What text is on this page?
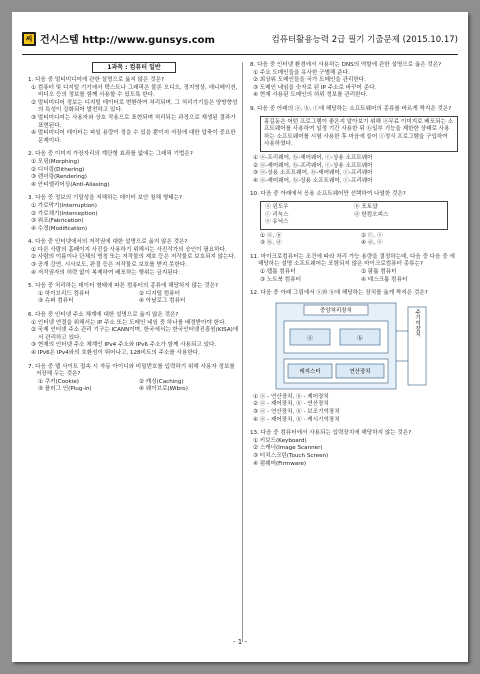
씨 건시스템 http://www.gunsys.com	컴퓨터활용능력 2급 필기 기출문제 (2015.10.17)
1과목 : 컴퓨터 일반
1. 다음 중 멀티미디어에 관한 설명으로 옳지 않은 것은?
① 컴퓨터 및 디지털 기기에서 텍스트나 그래픽은 물론 오디오, 정지영상, 애니메이션, 비디오 등의 정보를 함께 사용할 수 있도록 한다.
② 멀티미디어 정보는 디지털 데이터로 변환하여 처리되며, 그 처리기기들은 양방향성의 특성이 강화되어 발전하고 있다.
③ 멀티미디어는 사용자와 상호 작용으로 표현되며 처리되는 과정으로 재생된 결과가 표현된다.
④ 멀티미디어 데이터는 파일 용량이 정을 수 있을 뿐이지 저장에 대한 압축이 중요한 문제이다.
2. 다음 중 이미지 가장자리의 계단형 효과를 없애는 그래픽 기법은?
① 모핑(Morphing)
② 디더링(Dithering)
③ 렌더링(Rendering)
④ 안티앨리어싱(Anti-Aliasing)
3. 다음 중 정보의 기밀성을 저해하는 데이터 보안 침해 형태는?
① 가로막기(Interruption)
② 가로채기(Interception)
③ 위조(Fabrication)
④ 수정(Modification)
4. 다음 중 인터넷에서의 저작권에 대한 설명으로 옳지 않은 것은?
① 다른 사람의 홈페이지 사진을 사용하기 위해서는 사진작가의 승인이 필요하다.
② 사람의 이름이나 단체의 명칭 또는 저작물의 제호 등은 저작물로 보호되지 않는다.
③ 공개 강연, 시사보도, 판결 등은 저작물로 보호를 받지 못한다.
④ 저작권자의 허락 없이 복제하여 배포하는 행위는 금지된다.
5. 다음 중 처리하는 데이터 형태에 따른 컴퓨터의 종류에 해당하지 않는 것은?
① 하이브리드 컴퓨터	② 디지털 컴퓨터
③ 슈퍼 컴퓨터	④ 아날로그 컴퓨터
6. 다음 중 인터넷 주소 체계에 대한 설명으로 옳지 않은 것은?
① 인터넷 연결을 위해서는 IP 주소 또는 도메인 네임 중 하나를 배정받아야 한다.
② 국제 인터넷 주소 관리 기구는 ICANN이며, 한국에서는 한국인터넷진흥원(KISA)에서 관리하고 있다.
③ 현재의 인터넷 주소 체계인 IPv4 주소와 IPv6 주소가 함께 사용되고 있다.
④ IPv6은 IPv4와의 호환성이 뛰어나고, 128비트의 주소를 사용한다.
7. 다음 중 웹 사이트 접속 시 자동 아이디와 비밀번호를 입력하기 위해 사용자 정보를 저장해 두는 것은?
① 쿠키(Cookie)	② 캐싱(Caching)
③ 플러그 인(Plug-in)	④ 웨이브로(Wibro)
8. 다음 중 인터넷 환경에서 사용하는 DNS의 역할에 관한 설명으로 옳은 것은?
① 주요 도메인들을 유사한 구별해 준다.
② 최상위 도메인들을 국가 도메인을 관리한다.
③ 도메인 네임을 숫자로 된 IP 주소로 바꾸어 준다.
④ 현재 사용된 도메인의 허위 정보를 관리한다.
9. 다음 중 아래의 ⓐ, ⓑ, ⓒ에 해당하는 소프트웨어의 종류를 바르게 짝지은 것은?
홍길동은 어떤 프로그램이 좋은지 알아보기 위해 ⓐ무료 이미지로 배포되는 소프트웨어를 사용하여 일정 기간 사용한 뒤 ⓑ일부 기능을 제한한 상태로 사용하는 소프트웨어를 시험 사용한 후 마음에 들어 ⓒ정식 프로그램을 구입하여 사용하였다.
① ⓐ-프리웨어, ⓑ-셰어웨어, ⓒ-상용 소프트웨어
② ⓐ-셰어웨어, ⓑ-프리웨어, ⓒ-상용 소프트웨어
③ ⓐ-상용 소프트웨어, ⓑ-셰어웨어, ⓒ-프리웨어
④ ⓐ-셰어웨어, ⓑ-상용 소프트웨어, ⓒ-프리웨어
10. 다음 중 아래에서 응용 소프트웨어만 선택하여 나열한 것은?
ⓐ 윈도우	ⓑ 포토샵
ⓒ 리눅스	ⓓ 한컴오피스
ⓔ 유닉스
① ⓐ, ⓑ	② ⓒ, ⓔ
③ ⓑ, ⓓ	④ ⓓ, ⓔ
11. 마이크로컴퓨터는 조건에 따라 처리 가능 용량을 결정하는데, 다음 중 다음 중 에 해당하는 설명 소프트웨어는 포함되지 않은 마이크로컴퓨터 종류는?
① 랩톱 컴퓨터	② 팜톱 컴퓨터
③ 노트북 컴퓨터	④ 데스크톱 컴퓨터
12. 다음 중 아래 그림에서 ⓐ와 ⓑ에 해당하는 장치를 옳게 짝지은 것은?
중앙처리장치
ⓐ	ⓑ
레지스터	연산장치
주기억장치
① ⓐ - 연산장치, ⓑ - 제어장치
② ⓐ - 제어장치, ⓑ - 연산장치
③ ⓐ - 연산장치, ⓑ - 보조기억장치
④ ⓐ - 제어장치, ⓑ - 캐시기억장치
13. 다음 중 컴퓨터에서 사용되는 입력장치에 해당하지 않는 것은?
① 키보드(Keyboard)
② 스캐너(Image Scanner)
③ 터치스크린(Touch Screen)
④ 펌웨어(Firmware)
- 1 -
